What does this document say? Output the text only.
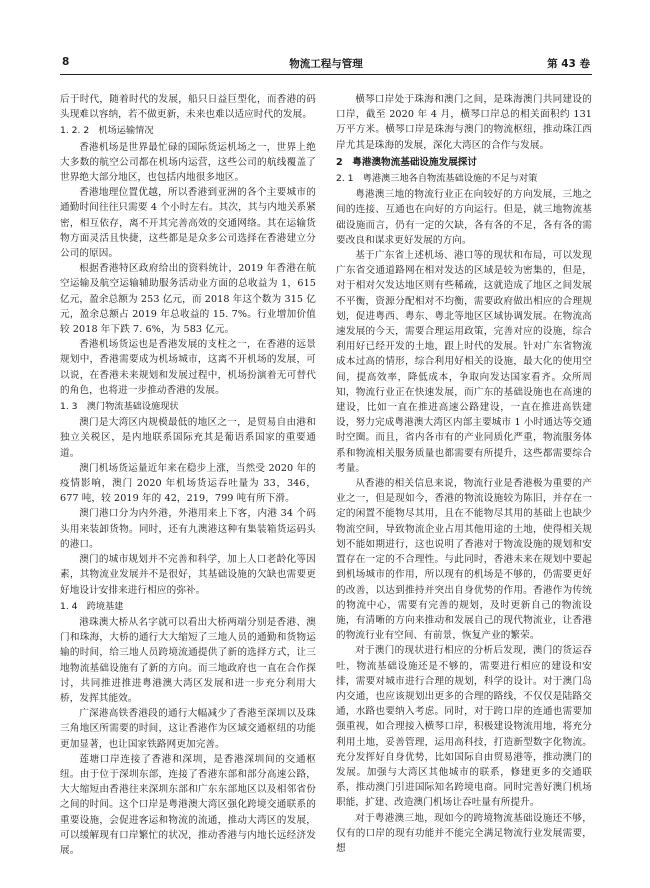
8	物流工程与管理	第 43 卷

后于时代，随着时代的发展，船只日益巨型化，而香港的码头现难以容纳，若不做更新，未来也难以适应时代的发展。

1. 2. 2　机场运输情况

香港机场是世界最忙碌的国际货运机场之一，世界上绝大多数的航空公司都在机场内运营，这些公司的航线覆盖了世界绝大部分地区，也包括内地很多地区。

香港地理位置优越，所以香港到亚洲的各个主要城市的通勤时间往往只需要 4 个小时左右。其次，其与内地关系紧密，相互依存，离不开其完善高效的交通网络。其在运输货物方面灵活且快捷，这些都是是众多公司选择在香港建立分公司的原因。

根据香港特区政府给出的资料统计，2019 年香港在航空运输及航空运输辅助服务活动业方面的总收益为 1，615 亿元，盈余总额为 253 亿元，而 2018 年这个数为 315 亿元，盈余总额占 2019 年总收益的 15. 7%。行业增加价值较 2018 年下跌 7. 6%，为 583 亿元。

香港机场货运也是香港发展的支柱之一，在香港的远景规划中，香港需要成为机场城市，这离不开机场的发展，可以说，在香港未来规划和发展过程中，机场扮演着无可替代的角色，也将进一步推动香港的发展。

1. 3　澳门物流基础设施现状

澳门是大湾区内规模最低的地区之一，是贸易自由港和独立关税区，是内地联系国际充其是葡语系国家的重要通道。

澳门机场货运量近年来在稳步上涨，当然受 2020 年的疫情影响，澳门 2020 年机场货运吞吐量为 33，346，677 吨，较 2019 年的 42，219，799 吨有所下滑。

澳门港口分为内外港，外港用来上下客，内港 34 个码头用来装卸货物。同时，还有九澳港这种有集装箱货运码头的港口。

澳门的城市规划并不完善和科学，加上人口老龄化等因素，其物流业发展并不是很好，其基础设施的欠缺也需要更好地设计安排来进行相应的弥补。

1. 4　跨境基建

港珠澳大桥从名字就可以看出大桥两端分别是香港、澳门和珠海，大桥的通行大大缩短了三地人员的通勤和货物运输的时间，给三地人员跨境流通提供了新的选择方式，让三地物流基础设施有了新的方向。而三地政府也一直在合作探讨，共同推进推进粤港澳大湾区发展和进一步充分利用大桥，发挥其能效。

广深港高铁香港段的通行大幅减少了香港至深圳以及珠三角地区所需要的时间，这让香港作为区域交通枢纽的功能更加显著，也让国家铁路网更加完善。

莲塘口岸连接了香港和深圳，是香港深圳间的交通枢纽。由于位于深圳东部，连接了香港东部和部分高速公路，大大缩短由香港往来深圳东部和广东东部地区以及相邻省份之间的时间。这个口岸是粤港澳大湾区强化跨境交通联系的重要设施，会促进客运和物流的流通，推动大湾区的发展，可以缓解现有口岸繁忙的状况，推动香港与内地长远经济发展。

横琴口岸处于珠海和澳门之间，是珠海澳门共同建设的口岸，截至 2020 年 4 月，横琴口岸总的相关面积约 131 万平方米。横琴口岸是珠海与澳门的物流枢纽，推动珠江西岸尤其是珠海的发展，深化大湾区的合作与发展。

2　粤港澳物流基础设施发展探讨
2. 1　粤港澳三地各自物流基础设施的不足与对策

粤港澳三地的物流行业正在向较好的方向发展，三地之间的连接、互通也在向好的方向运行。但是，就三地物流基础设施而言，仍有一定的欠缺，各有各的不足，各有各的需要改良和谋求更好发展的方向。

基于广东省上述机场、港口等的现状和布局，可以发现广东省交通道路网在相对发达的区域是较为密集的，但是，对于相对欠发达地区则有些稀疏，这就造成了地区之间发展不平衡，资源分配相对不均衡，需要政府做出相应的合理规划，促进粤西、粤东、粤北等地区区域协调发展。在物流高速发展的今天，需要合理运用政策，完善对应的设施，综合利用好已经开发的土地，跟上时代的发展。针对广东省物流成本过高的情形，综合利用好相关的设施，最大化的使用空间，提高效率，降低成本，争取向发达国家看齐。众所周知，物流行业正在快速发展，而广东的基础设施也在高速的建设，比如一直在推进高速公路建设，一直在推进高铁建设，努力完成粤港澳大湾区内部主要城市 1 小时通达等交通时空圈。而且，省内各市有的产业同质化严重，物流服务体系和物流相关服务质量也都需要有所提升，这些都需要综合考量。

从香港的相关信息来说，物流行业是香港极为重要的产业之一，但是现如今，香港的物流设施较为陈旧，并存在一定的闲置不能物尽其用，且在不能物尽其用的基础上也缺少物流空间，导致物流企业占用其他用途的土地，使得相关规划不能如期进行，这也说明了香港对于物流设施的规划和安置存在一定的不合理性。与此同时，香港未来在规划中要起到机场城市的作用，所以现有的机场是不够的，仍需要更好的改善，以达到推持并突出自身优势的作用。香港作为传统的物流中心，需要有完善的规划，及时更新自己的物流设施，有清晰的方向来推动和发展自己的现代物流业，让香港的物流行业有空间、有前景，恢复产业的繁荣。

对于澳门的现状进行相应的分析后发现，澳门的货运吞吐，物流基础设施还是不够的，需要进行相应的建设和安排，需要对城市进行合理的规划，科学的设计。对于澳门岛内交通，也应该规划出更多的合理的路线，不仅仅是陆路交通，水路也要纳入考虑。同时，对于跨口岸的连通也需要加强重视，如合理接入横琴口岸，积极建设物流用地，将充分利用土地，妥善管理，运用高科技，打造新型数字化物流。充分发挥好自身优势，比如国际自由贸易港等，推动澳门的发展。加强与大湾区其他城市的联系，修建更多的交通联系，推动澳门引进国际知名跨境电商。同时完善好澳门机场职能，扩建、改造澳门机场让吞吐量有所提升。

对于粤港澳三地，现如今的跨境物流基础设施还不够，仅有的口岸的现有功能并不能完全满足物流行业发展需要，想
